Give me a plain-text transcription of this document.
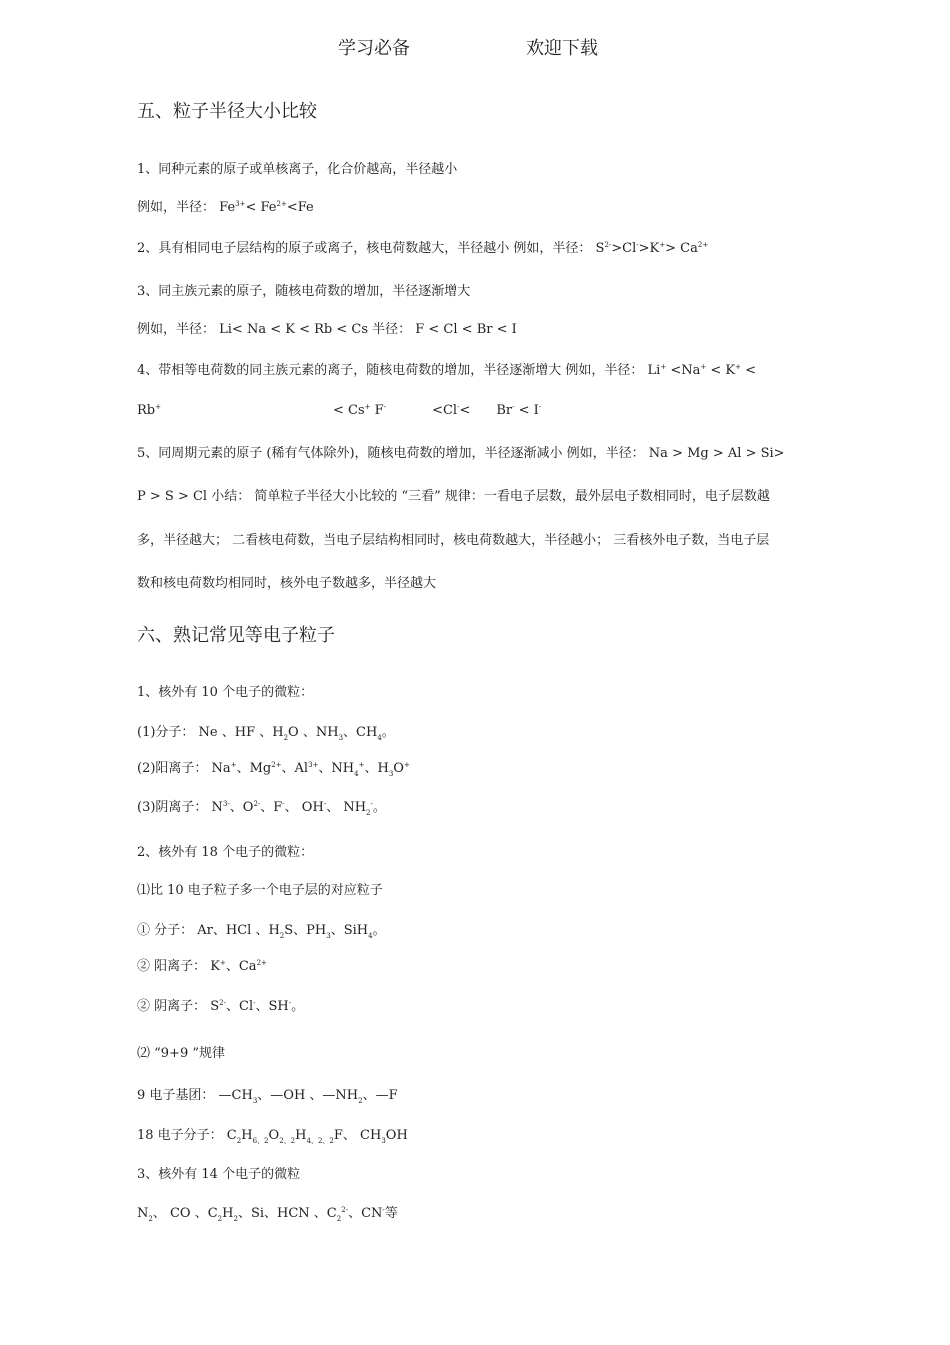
学习必备	欢迎下载
五、粒子半径大小比较
1、同种元素的原子或单核离子，化合价越高，半径越小
例如，半径： $Fe^{3+}< Fe^{2+}<Fe$
2、具有相同电子层结构的原子或离子，核电荷数越大，半径越小 例如，半径： $S^{2-}>Cl^->K^+> Ca^{2+}$
3、同主族元素的原子，随核电荷数的增加，半径逐渐增大
例如，半径： Li< Na < K < Rb < Cs 半径： F < Cl < Br < I
4、带相等电荷数的同主族元素的离子，随核电荷数的增加，半径逐渐增大 例如，半径： Li+ <Na+ < K+ <
Rb+	< Cs+ F-	<Cl-< Br- < I-
5、同周期元素的原子 (稀有气体除外)，随核电荷数的增加，半径逐渐减小 例如，半径： Na > Mg > Al > Si>
P > S > Cl 小结： 简单粒子半径大小比较的 “三看” 规律：一看电子层数，最外层电子数相同时，电子层数越
多，半径越大； 二看核电荷数，当电子层结构相同时，核电荷数越大，半径越小； 三看核外电子数，当电子层
数和核电荷数均相同时，核外电子数越多，半径越大
六、熟记常见等电子粒子
1、核外有 10 个电子的微粒：
(1)分子： Ne 、HF 、$H_2O$ 、$NH_3$、$CH_4$。
(2)阳离子： Na+、$Mg^{2+}$、$Al^{3+}$、$NH_4^+$、$H_3O^+$
(3)阴离子： $N^{3-}$、$O^{2-}$、F-、 OH-、 $NH_2^-$。
2、核外有 18 个电子的微粒：
⑴比 10 电子粒子多一个电子层的对应粒子
① 分子： Ar、HCl 、$H_2S$、$PH_3$、SiH$_4$。
② 阳离子： K+、$Ca^{2+}$
② 阴离子： $S^{2-}$、Cl-、SH-。
⑵ “9+9 ”规律
9 电子基团： $—CH_3$、—OH 、$—NH_2$、—F
18 电子分子： $C_2H_{6、2}O_{2、2}H_{4、2、2}F$、 $CH_3OH$
3、核外有 14 个电子的微粒
$N_2$、 CO 、$C_2H_2$、Si、HCN 、$C_2^{2-}$、CN-等
